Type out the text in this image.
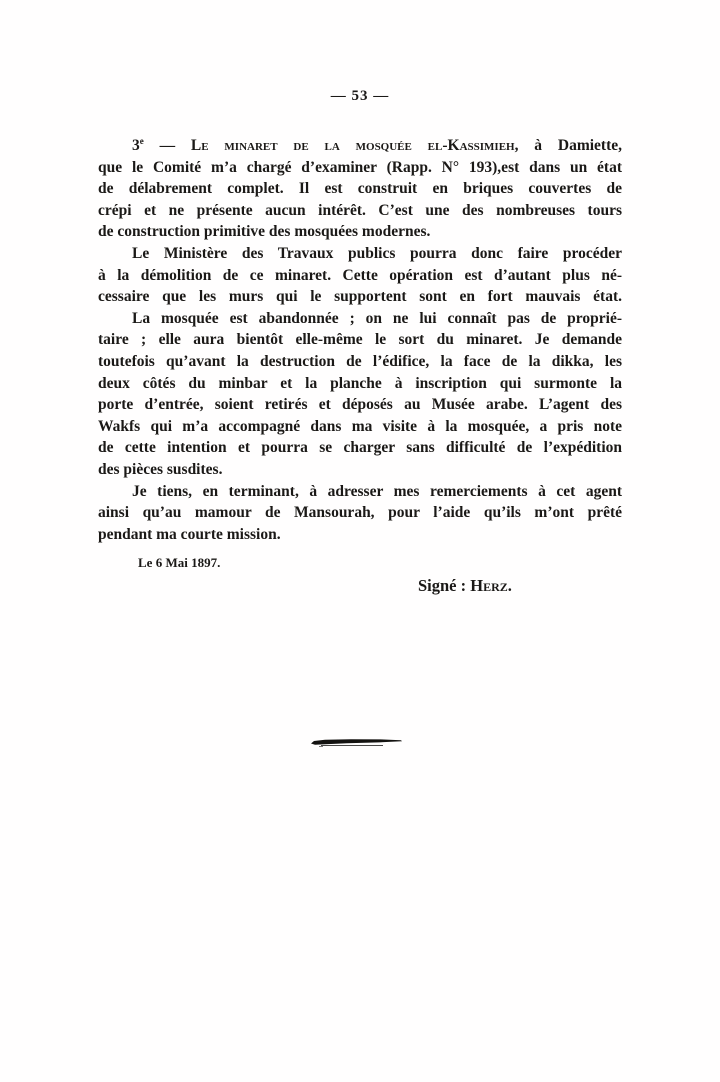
— 53 —
3e — Le minaret de la mosquée el-Kassimieh, à Damiette,
que le Comité m’a chargé d’examiner (Rapp. N° 193),est dans un état
de délabrement complet. Il est construit en briques couvertes de
crépi et ne présente aucun intérêt. C’est une des nombreuses tours
de construction primitive des mosquées modernes.
Le Ministère des Travaux publics pourra donc faire procéder
à la démolition de ce minaret. Cette opération est d’autant plus né-
cessaire que les murs qui le supportent sont en fort mauvais état.
La mosquée est abandonnée ; on ne lui connaît pas de proprié-
taire ; elle aura bientôt elle-même le sort du minaret. Je demande
toutefois qu’avant la destruction de l’édifice, la face de la dikka, les
deux côtés du minbar et la planche à inscription qui surmonte la
porte d’entrée, soient retirés et déposés au Musée arabe. L’agent des
Wakfs qui m’a accompagné dans ma visite à la mosquée, a pris note
de cette intention et pourra se charger sans difficulté de l’expédition
des pièces susdites.
Je tiens, en terminant, à adresser mes remerciements à cet agent
ainsi qu’au mamour de Mansourah, pour l’aide qu’ils m’ont prêté
pendant ma courte mission.
Le 6 Mai 1897.
Signé : Herz.
